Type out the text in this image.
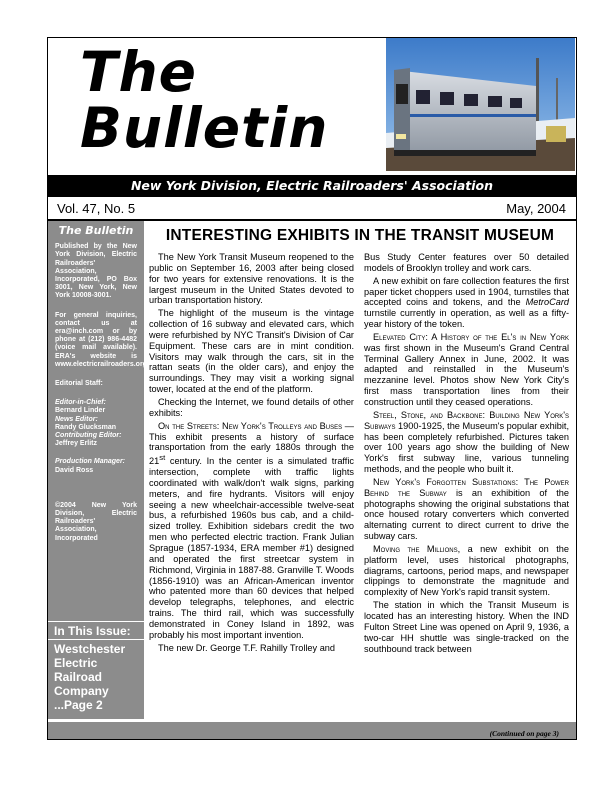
The
Bulletin
New York Division, Electric Railroaders' Association
Vol. 47, No. 5	May, 2004
The Bulletin

Published by the New York Division, Electric Railroaders' Association, Incorporated, PO Box 3001, New York, New York 10008-3001.

For general inquiries, contact us at era@inch.com or by phone at (212) 986-4482 (voice mail available). ERA's website is www.electricrailroaders.org.

Editorial Staff:

Editor-in-Chief:

Bernard Linder

News Editor:

Randy Glucksman

Contributing Editor:

Jeffrey Erlitz

Production Manager:

David Ross

©2004 New York Division, Electric Railroaders' Association, Incorporated
In This Issue:
Westchester Electric Railroad Company ...Page 2
INTERESTING EXHIBITS IN THE TRANSIT MUSEUM

The New York Transit Museum reopened to the public on September 16, 2003 after being closed for two years for extensive renovations. It is the largest museum in the United States devoted to urban transportation history.

The highlight of the museum is the vintage collection of 16 subway and elevated cars, which were refurbished by NYC Transit's Division of Car Equipment. These cars are in mint condition. Visitors may walk through the cars, sit in the rattan seats (in the older cars), and enjoy the surroundings. They may visit a working signal tower, located at the end of the platform.

Checking the Internet, we found details of other exhibits:

On the Streets: New York's Trolleys and Buses — This exhibit presents a history of surface transportation from the early 1880s through the 21st century. In the center is a simulated traffic intersection, complete with traffic lights coordinated with walk/don't walk signs, parking meters, and fire hydrants. Visitors will enjoy seeing a new wheelchair-accessible twelve-seat bus, a refurbished 1960s bus cab, and a child-sized trolley. Exhibition sidebars credit the two men who perfected electric traction. Frank Julian Sprague (1857-1934, ERA member #1) designed and operated the first streetcar system in Richmond, Virginia in 1887-88. Granville T. Woods (1856-1910) was an African-American inventor who patented more than 60 devices that helped develop telegraphs, telephones, and electric trains. The third rail, which was successfully demonstrated in Coney Island in 1892, was probably his most important invention.

The new Dr. George T.F. Rahilly Trolley and

Bus Study Center features over 50 detailed models of Brooklyn trolley and work cars.

A new exhibit on fare collection features the first paper ticket choppers used in 1904, turnstiles that accepted coins and tokens, and the MetroCard turnstile currently in operation, as well as a fifty-year history of the token.

Elevated City: A History of the El's in New York was first shown in the Museum's Grand Central Terminal Gallery Annex in June, 2002. It was adapted and reinstalled in the Museum's mezzanine level. Photos show New York City's first mass transportation lines from their construction until they ceased operations.

Steel, Stone, and Backbone: Building New York's Subways 1900-1925, the Museum's popular exhibit, has been completely refurbished. Pictures taken over 100 years ago show the building of New York's first subway line, various tunneling methods, and the people who built it.

New York's Forgotten Substations: The Power Behind the Subway is an exhibition of the photographs showing the original substations that once housed rotary converters which converted alternating current to direct current to drive the subway cars.

Moving the Millions, a new exhibit on the platform level, uses historical photographs, diagrams, cartoons, period maps, and newspaper clippings to demonstrate the magnitude and complexity of New York's rapid transit system.

The station in which the Transit Museum is located has an interesting history. When the IND Fulton Street Line was opened on April 9, 1936, a two-car HH shuttle was single-tracked on the southbound track between

(Continued on page 3)
